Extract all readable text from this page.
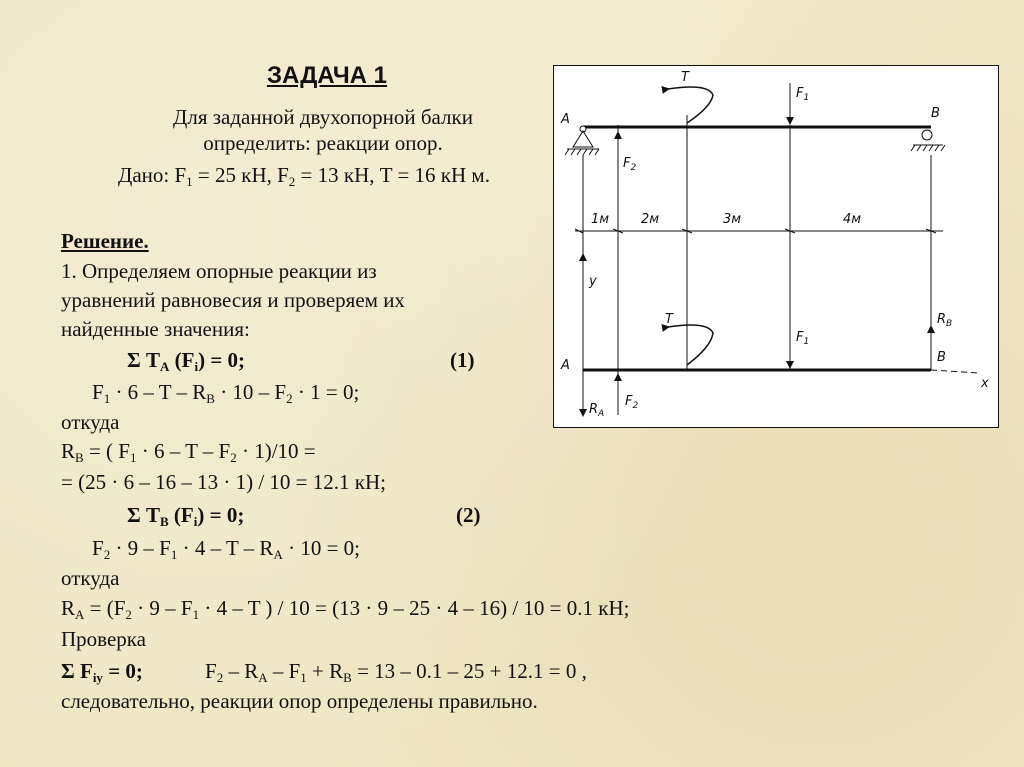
ЗАДАЧА 1
Для заданной двухопорной балки
определить: реакции опор.
Дано: $F_1 = 25$ кН, $F_2 = 13$ кН, T = 16 кН м.
Решение.
1. Определяем опорные реакции из
уравнений равновесия и проверяем их
найденные значения:
Σ $T_A$ $(F_i) = 0$;	(1)
$F_1 \cdot 6 - T - R_B \cdot 10 - F_2 \cdot 1 = 0$;
откуда
$R_B$ = ( $F_1 \cdot 6 - T - F_2 \cdot 1)/10$ =
= (25 · 6 – 16 – 13 · 1) / 10 = 12.1 кН;
Σ $T_B$ $(F_i) = 0$;	(2)
$F_2 \cdot 9 - F_1 \cdot 4 - T - R_A \cdot 10 = 0$;
откуда
$R_A = (F_2 \cdot 9 - F_1 \cdot 4 - T$ ) / 10 = (13 · 9 – 25 · 4 – 16) / 10 = 0.1 кН;
Проверка
Σ $F_{iy} = 0$;	$F_2 - R_A - F_1 + R_B = 13 - 0.1 - 25 + 12.1 = 0$ ,
следовательно, реакции опор определены правильно.
A	B
T
$F_1$
$F_2$
1м 2м	3м	4м
y
x
T
$F_1$
$R_B$
B
A
$F_2$
$R_A$
